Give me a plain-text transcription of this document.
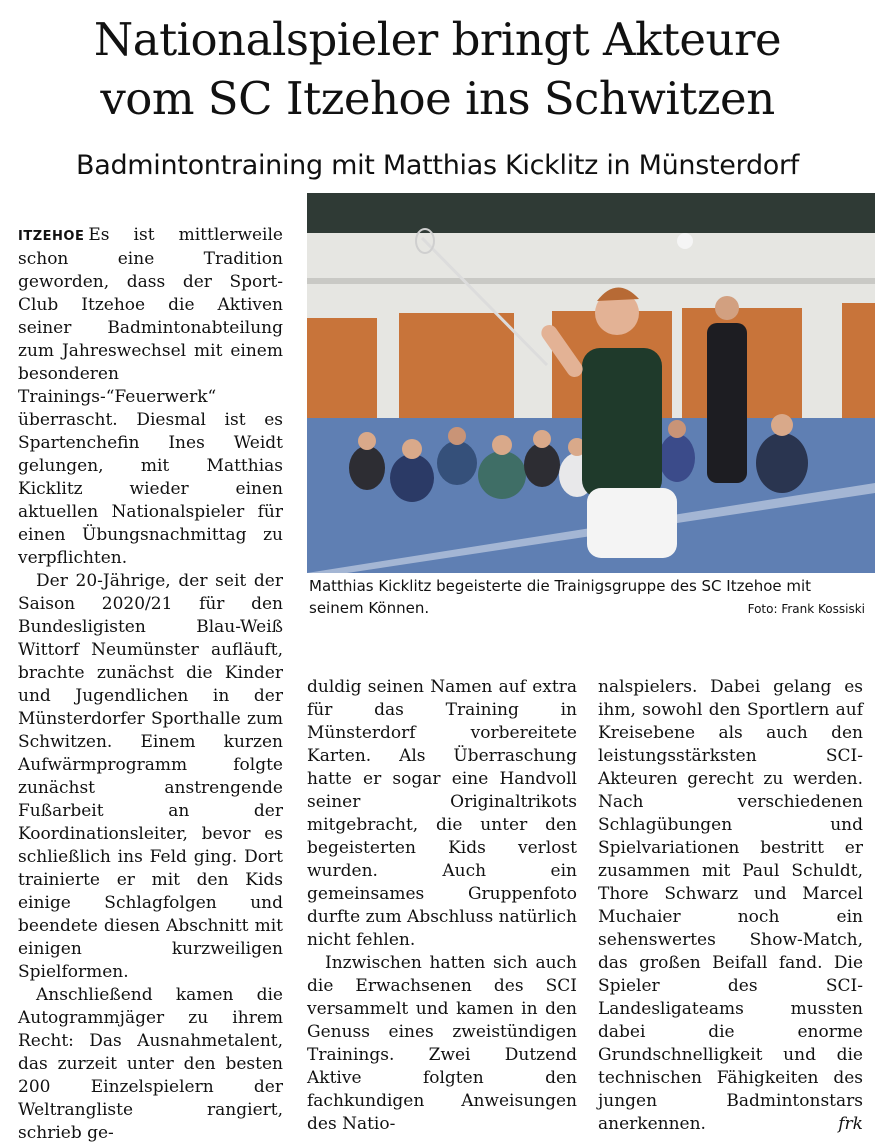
Nationalspieler bringt Akteure
vom SC Itzehoe ins Schwitzen
Badmintontraining mit Matthias Kicklitz in Münsterdorf

ITZEHOE Es ist mittlerweile schon eine Tradition geworden, dass der Sport-Club Itzehoe die Aktiven seiner Badmintonabteilung zum Jahreswechsel mit einem besonderen Trainings-“Feuerwerk“ überrascht. Diesmal ist es Spartenchefin Ines Weidt gelungen, mit Matthias Kicklitz wieder einen aktuellen Nationalspieler für einen Übungsnachmittag zu verpflichten.

Der 20-Jährige, der seit der Saison 2020/21 für den Bundesligisten Blau-Weiß Wittorf Neumünster aufläuft, brachte zunächst die Kinder und Jugendlichen in der Münsterdorfer Sporthalle zum Schwitzen. Einem kurzen Aufwärmprogramm folgte zunächst anstrengende Fußarbeit an der Koordinationsleiter, bevor es schließlich ins Feld ging. Dort trainierte er mit den Kids einige Schlagfolgen und beendete diesen Abschnitt mit einigen kurzweiligen Spielformen.

Anschließend kamen die Autogrammjäger zu ihrem Recht: Das Ausnahmetalent, das zurzeit unter den besten 200 Einzelspielern der Weltrangliste rangiert, schrieb ge-

Matthias Kicklitz begeisterte die Trainigsgruppe des SC Itzehoe mit seinem Können.	Foto: Frank Kossiski

duldig seinen Namen auf extra für das Training in Münsterdorf vorbereitete Karten. Als Überraschung hatte er sogar eine Handvoll seiner Originaltrikots mitgebracht, die unter den begeisterten Kids verlost wurden. Auch ein gemeinsames Gruppenfoto durfte zum Abschluss natürlich nicht fehlen.

Inzwischen hatten sich auch die Erwachsenen des SCI versammelt und kamen in den Genuss eines zweistündigen Trainings. Zwei Dutzend Aktive folgten den fachkundigen Anweisungen des Natio-

nalspielers. Dabei gelang es ihm, sowohl den Sportlern auf Kreisebene als auch den leistungsstärksten SCI-Akteuren gerecht zu werden. Nach verschiedenen Schlagübungen und Spielvariationen bestritt er zusammen mit Paul Schuldt, Thore Schwarz und Marcel Muchaier noch ein sehenswertes Show-Match, das großen Beifall fand. Die Spieler des SCI-Landesligateams mussten dabei die enorme Grundschnelligkeit und die technischen Fähigkeiten des jungen Badmintonstars anerkennen.	frk
